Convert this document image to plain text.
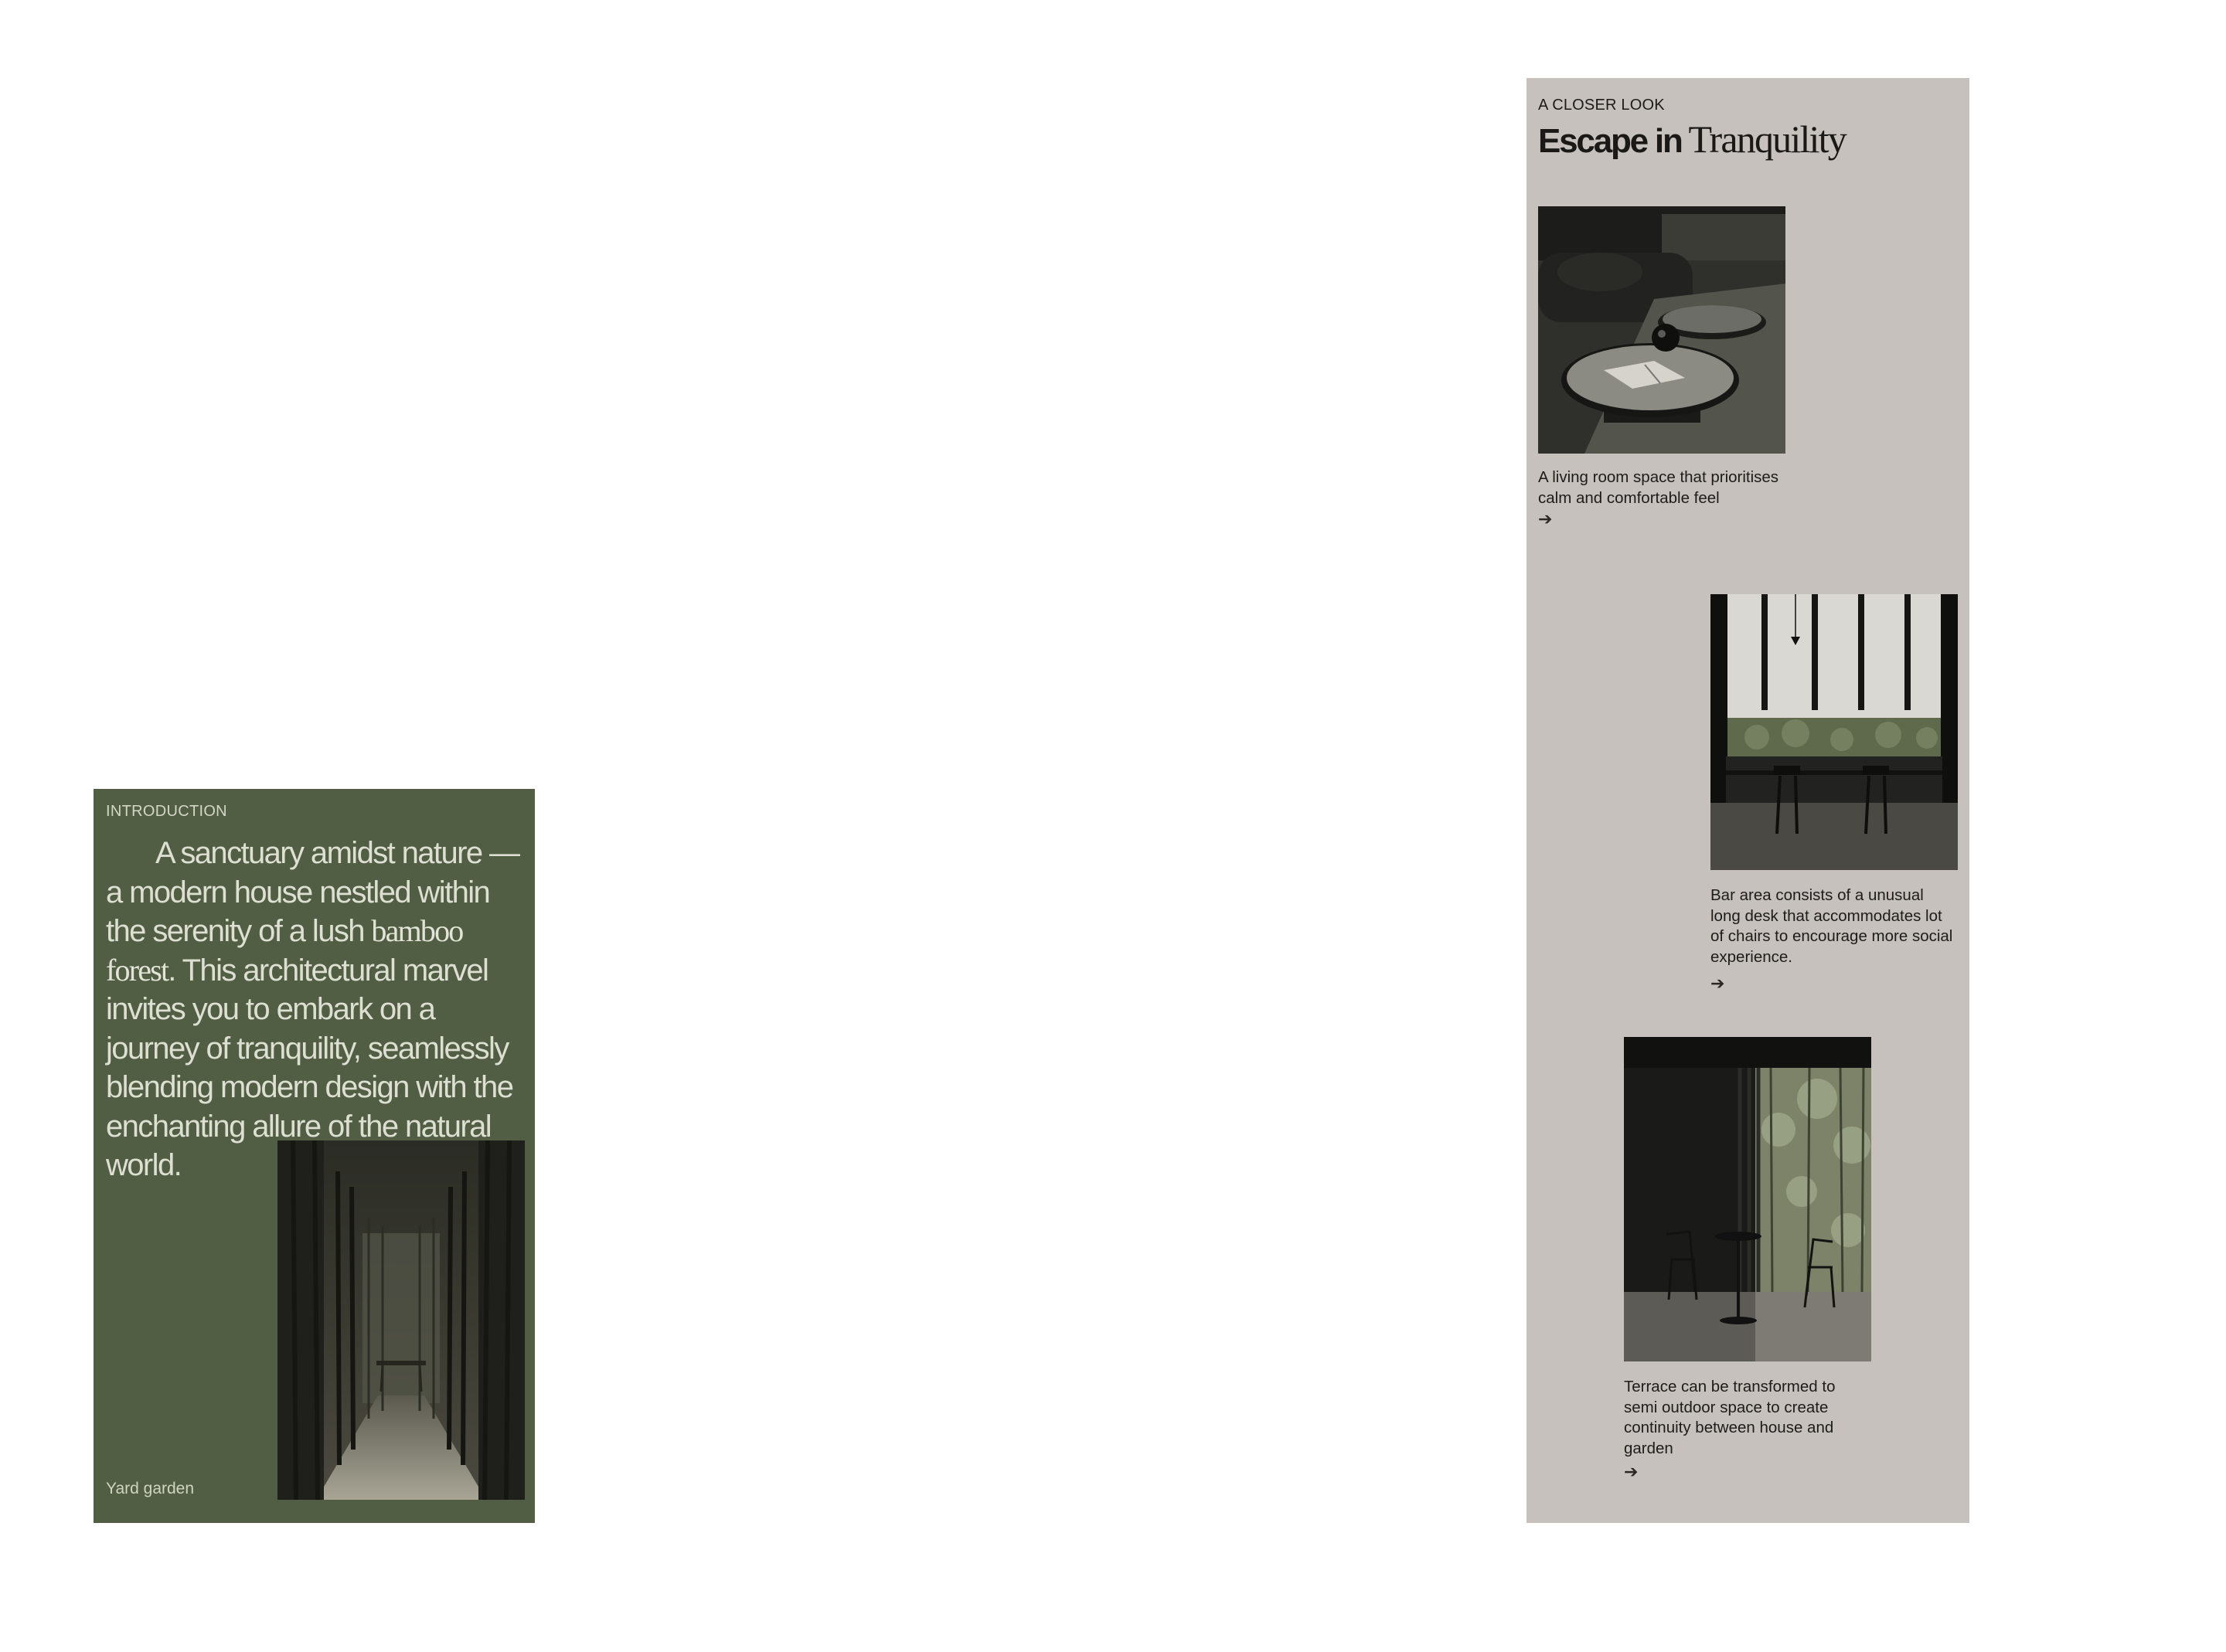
INTRODUCTION
A sanctuary amidst nature —a modern house nestled within the serenity of a lush bamboo forest. This architectural marvel invites you to embark on a journey of tranquility, seamlessly blending modern design with the enchanting allure of the natural world.
Yard garden
A CLOSER LOOK
Escape in Tranquility
A living room space that prioritises calm and comfortable feel
➔
Bar area consists of a unusual long desk that accommodates lot of chairs to encourage more social experience.
➔
Terrace can be transformed to semi outdoor space to create continuity between house and garden
➔
